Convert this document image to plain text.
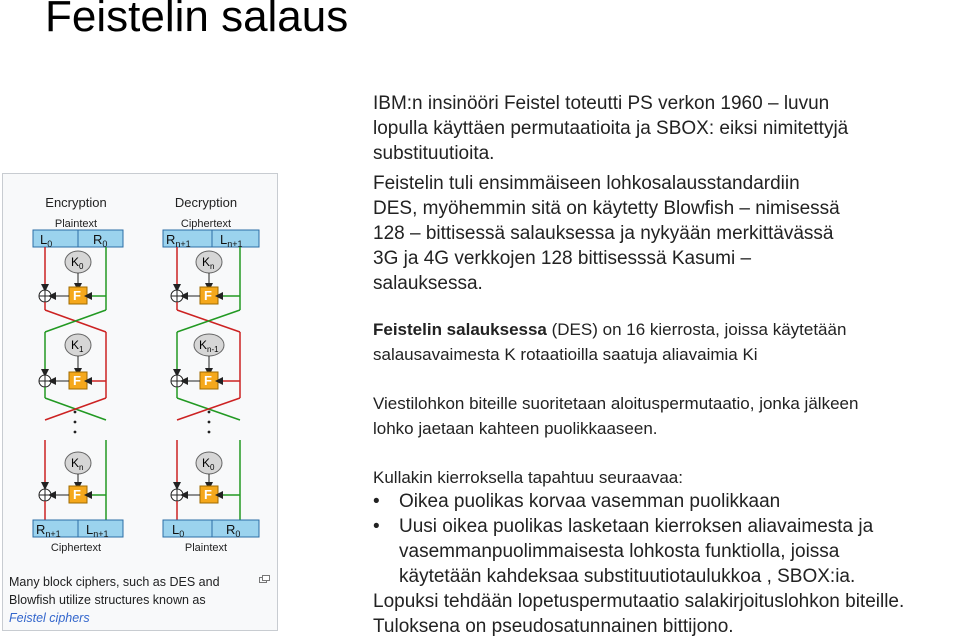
Feistelin salaus
IBM:n insinööri Feistel toteutti PS verkon 1960 – luvun
lopulla käyttäen permutaatioita ja SBOX: eiksi nimitettyjä
substituutioita.
Feistelin tuli ensimmäiseen lohkosalausstandardiin
DES, myöhemmin sitä on käytetty Blowfish – nimisessä
128 – bittisessä salauksessa ja nykyään merkittävässä
3G ja 4G verkkojen 128 bittisesssä Kasumi –
salauksessa.
Feistelin salauksessa (DES) on 16 kierrosta, joissa käytetään
salausavaimesta K rotaatioilla saatuja aliavaimia Ki
Viestilohkon biteille suoritetaan aloituspermutaatio, jonka jälkeen
lohko jaetaan kahteen puolikkaaseen.
Kullakin kierroksella tapahtuu seuraavaa:
• Oikea puolikas korvaa vasemman puolikkaan
• Uusi oikea puolikas lasketaan kierroksen aliavaimesta ja
vasemmanpuolimmaisesta lohkosta funktiolla, joissa
käytetään kahdeksaa substituutiotaulukkoa , SBOX:ia.
Lopuksi tehdään lopetuspermutaatio salakirjoituslohkon biteille.
Tuloksena on pseudosatunnainen bittijono.
Encryption	Decryption
Plaintext	Ciphertext
$L_0$	$R_0$
$K_0$
F
$K_1$
F
$K_n$
F
$R_{n+1}$ $L_{n+1}$
Ciphertext
$R_{n+1}$ $L_{n+1}$
$K_n$
F
$K_{n-1}$
F
$K_0$
F
$L_0$	$R_0$
Plaintext
Many block ciphers, such as DES and Blowfish utilize structures known as Feistel ciphers
